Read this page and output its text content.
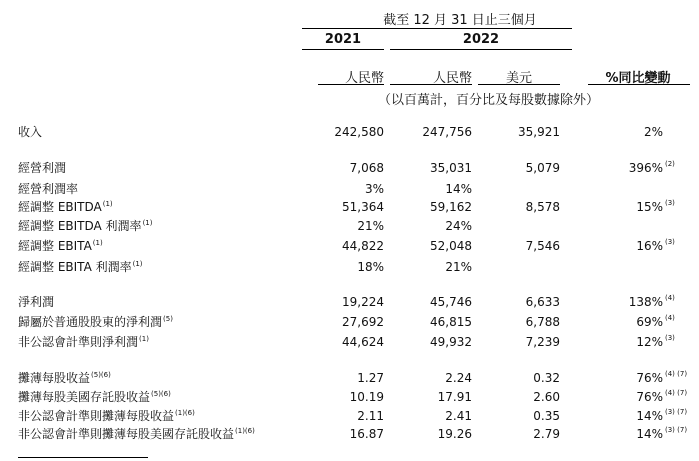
截至 12 月 31 日止三個月
2021	2022
人民幣	人民幣	美元	%同比變動
（以百萬計，百分比及每股數據除外）
收入	242,580	247,756	35,921	2%
經營利潤	7,068	35,031	5,079	396% $^{(2)}$
經營利潤率	3%	14%
經調整 EBITDA$^{(1)}$	51,364	59,162	8,578	15% $^{(3)}$
經調整 EBITDA 利潤率$^{(1)}$	21%	24%
經調整 EBITA$^{(1)}$	44,822	52,048	7,546	16% $^{(3)}$
經調整 EBITA 利潤率$^{(1)}$	18%	21%
淨利潤	19,224	45,746	6,633	138% $^{(4)}$
歸屬於普通股股東的淨利潤$^{(5)}$	27,692	46,815	6,788	69% $^{(4)}$
非公認會計準則淨利潤$^{(1)}$	44,624	49,932	7,239	12% $^{(3)}$
攤薄每股收益$^{(5)(6)}$	1.27	2.24	0.32	76% $^{(4) (7)}$
攤薄每股美國存託股收益$^{(5)(6)}$	10.19	17.91	2.60	76% $^{(4) (7)}$
非公認會計準則攤薄每股收益$^{(1)(6)}$	2.11	2.41	0.35	14% $^{(3) (7)}$
非公認會計準則攤薄每股美國存託股收益$^{(1)(6)}$	16.87	19.26	2.79	14% $^{(3) (7)}$
